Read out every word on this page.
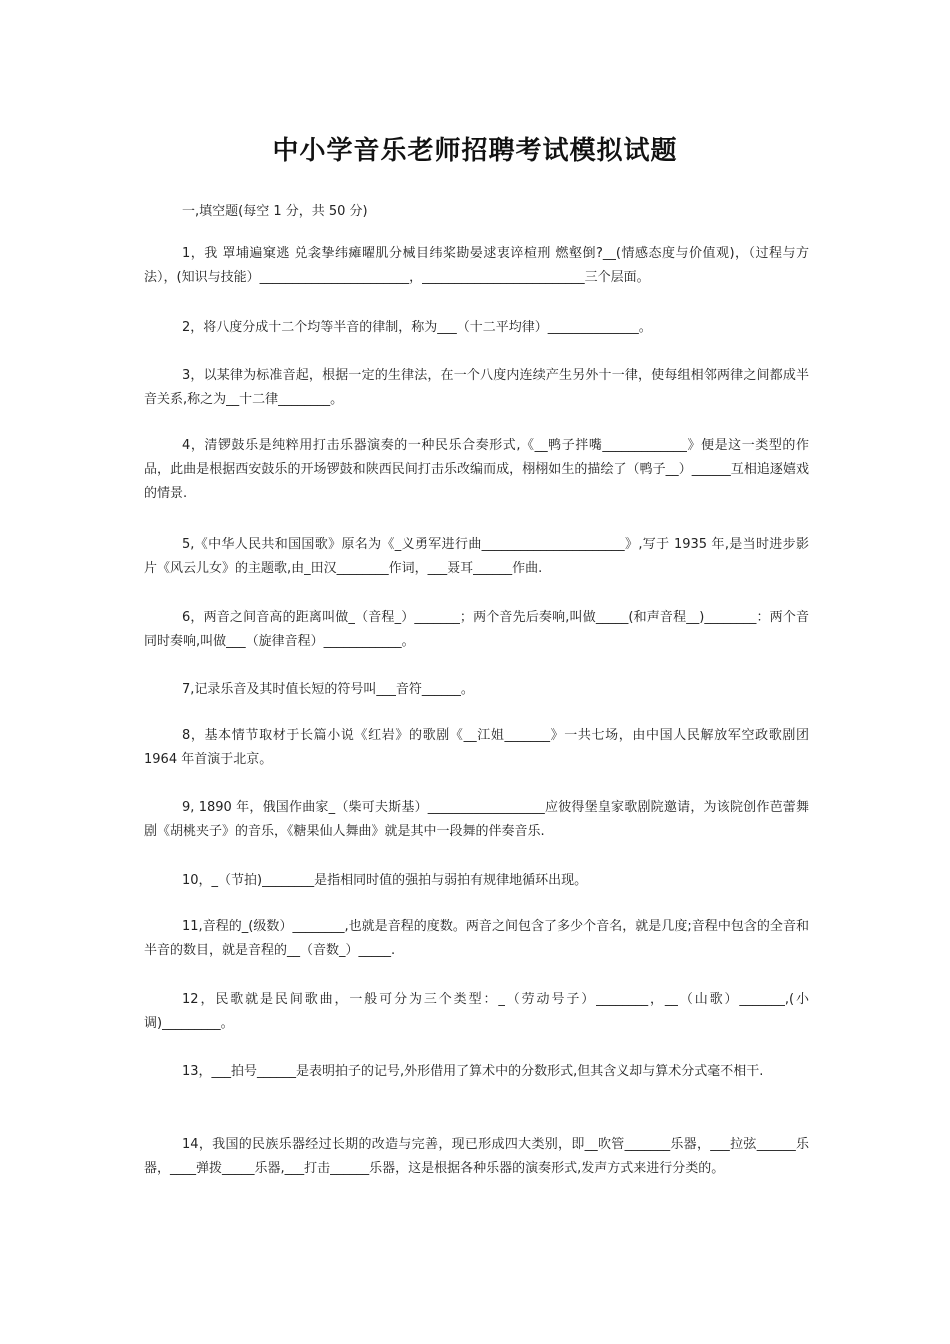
中小学音乐老师招聘考试模拟试题
一,填空题(每空 1 分，共 50 分)
1，我 罩埔遍窠逃 兑衾挚纬瘫曜肌分械目纬桨勘晏逑衷谇楦刑 燃壑倒?__(情感态度与价值观)，（过程与方法），(知识与技能）_______________________，_________________________三个层面。
2，将八度分成十二个均等半音的律制，称为___（十二平均律）______________。
3，以某律为标准音起，根据一定的生律法，在一个八度内连续产生另外十一律，使每组相邻两律之间都成半音关系,称之为__十二律________。
4，清锣鼓乐是纯粹用打击乐器演奏的一种民乐合奏形式,《__鸭子拌嘴_____________》便是这一类型的作品，此曲是根据西安鼓乐的开场锣鼓和陕西民间打击乐改编而成，栩栩如生的描绘了（鸭子__）______互相追逐嬉戏的情景.
5,《中华人民共和国国歌》原名为《_义勇军进行曲______________________》,写于 1935 年,是当时进步影片《风云儿女》的主题歌,由_田汉________作词，___聂耳______作曲.
6，两音之间音高的距离叫做_（音程_）_______；两个音先后奏响,叫做_____(和声音程__)________：两个音同时奏响,叫做___（旋律音程）____________。
7,记录乐音及其时值长短的符号叫___音符______。
8，基本情节取材于长篇小说《红岩》的歌剧《__江姐_______》一共七场，由中国人民解放军空政歌剧团 1964 年首演于北京。
9, 1890 年，俄国作曲家_（柴可夫斯基）__________________应彼得堡皇家歌剧院邀请，为该院创作芭蕾舞剧《胡桃夹子》的音乐，《糖果仙人舞曲》就是其中一段舞的伴奏音乐.
10，_（节拍)________是指相同时值的强拍与弱拍有规律地循环出现。
11,音程的_(级数）________,也就是音程的度数。两音之间包含了多少个音名，就是几度;音程中包含的全音和半音的数目，就是音程的__（音数_）_____.
12，民歌就是民间歌曲，一般可分为三个类型：_（劳动号子）________，__（山歌）_______,(小调)_________。
13，___拍号______是表明拍子的记号,外形借用了算术中的分数形式,但其含义却与算术分式毫不相干.
14，我国的民族乐器经过长期的改造与完善，现已形成四大类别，即__吹管_______乐器，___拉弦______乐器，____弹拨_____乐器,___打击______乐器，这是根据各种乐器的演奏形式,发声方式来进行分类的。
